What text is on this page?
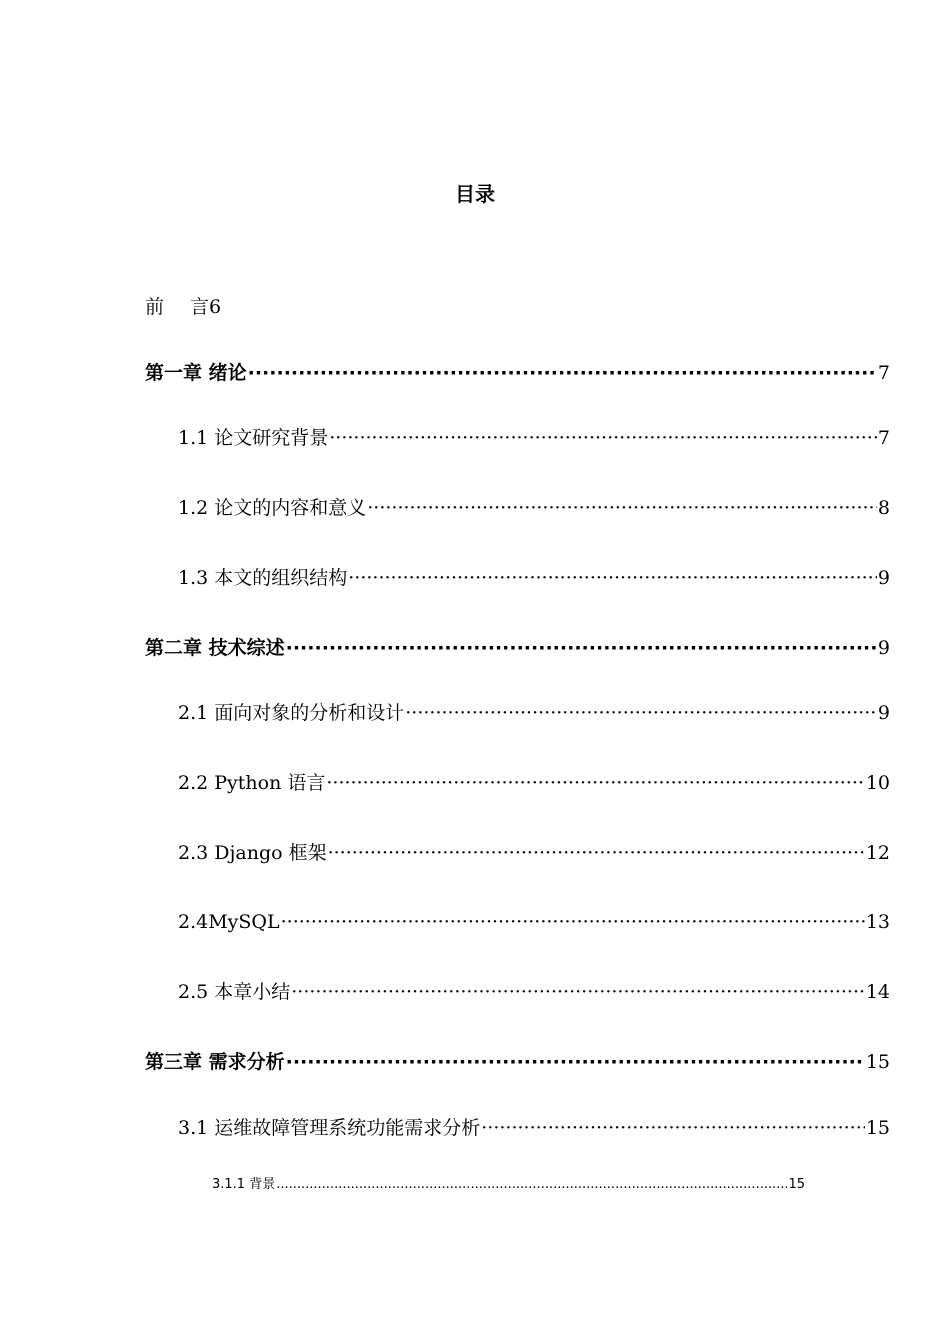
目录
前 言6
第一章 绪论 ·····	7
1.1 论文研究背景 ·····	7
1.2 论文的内容和意义 ·····	8
1.3 本文的组织结构 ·····	9
第二章 技术综述 ·····	9
2.1 面向对象的分析和设计 ·····	9
2.2 Python 语言 ·····	10
2.3 Django 框架 ·····	12
2.4MySQL ·····	13
2.5 本章小结 ·····	14
第三章 需求分析 ·····	15
3.1 运维故障管理系统功能需求分析 ·····	15
3.1.1 背景 .....	15
